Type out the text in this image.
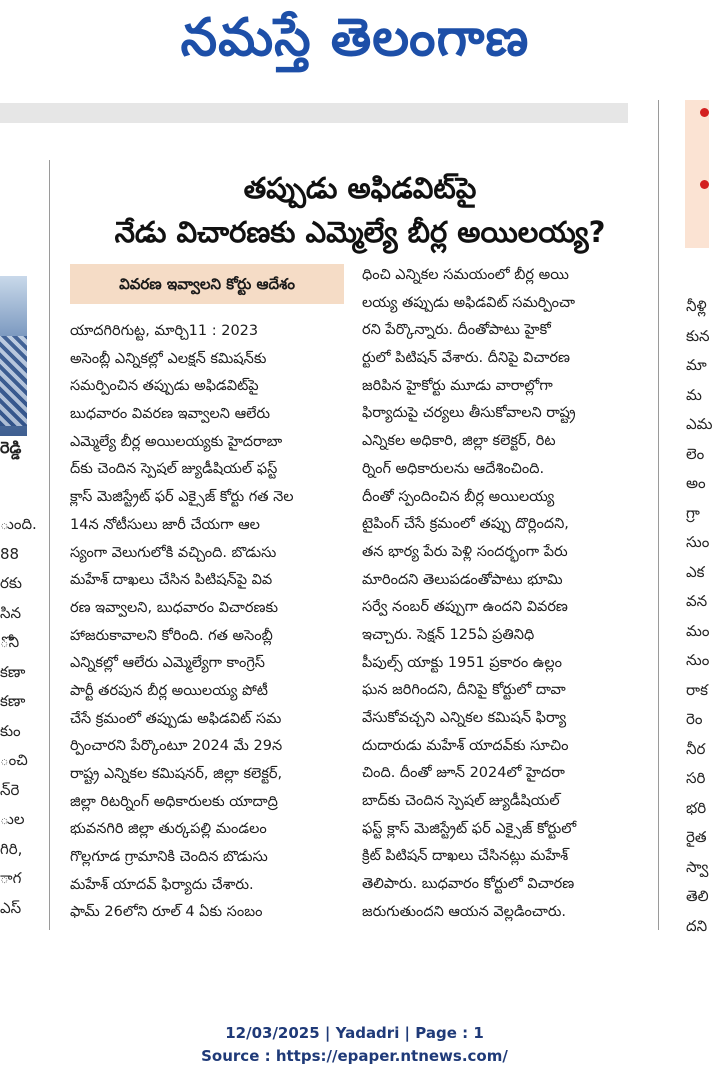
నమస్తే తెలంగాణ
రెడ్డి
ుంది.
88
రకు
సిన
ోని
కణా
కణా
కుం
ంచి
న్‌రె
ుల
గిరి,
ాగ
ఎస్
నీళ్లి
కున
మా
మ
ఎమ
లెం
అం
గ్రా
సుం
ఎక
వన
మం
నుం
రాక
రెం
నీర
సరి
భరి
రైత
స్వా
తెలి
దని
తప్పుడు అఫిడవిట్‌పై
నేడు విచారణకు ఎమ్మెల్యే బీర్ల అయిలయ్య?
వివరణ ఇవ్వాలని కోర్టు ఆదేశం
యాదగిరిగుట్ట, మార్చి11 : 2023
అసెంబ్లీ ఎన్నికల్లో ఎలక్షన్ కమిషన్‌కు
సమర్పించిన తప్పుడు అఫిడవిట్‌పై
బుధవారం వివరణ ఇవ్వాలని ఆలేరు
ఎమ్మెల్యే బీర్ల అయిలయ్యకు హైదరాబా
ద్‌కు చెందిన స్పెషల్ జ్యుడీషియల్ ఫస్ట్
క్లాస్ మెజిస్ట్రేట్ ఫర్ ఎక్సైజ్ కోర్టు గత నెల
14న నోటీసులు జారీ చేయగా ఆల
స్యంగా వెలుగులోకి వచ్చింది. బొడుసు
మహేశ్ దాఖలు చేసిన పిటిషన్‌పై వివ
రణ ఇవ్వాలని, బుధవారం విచారణకు
హాజరుకావాలని కోరింది. గత అసెంబ్లీ
ఎన్నికల్లో ఆలేరు ఎమ్మెల్యేగా కాంగ్రెస్
పార్టీ తరపున బీర్ల అయిలయ్య పోటీ
చేసే క్రమంలో తప్పుడు అఫిడవిట్ సమ
ర్పించారని పేర్కొంటూ 2024 మే 29న
రాష్ట్ర ఎన్నికల కమిషనర్, జిల్లా కలెక్టర్,
జిల్లా రిటర్నింగ్ అధికారులకు యాదాద్రి
భువనగిరి జిల్లా తుర్కపల్లి మండలం
గొల్లగూడ గ్రామానికి చెందిన బొడుసు
మహేశ్ యాదవ్ ఫిర్యాదు చేశారు.
ఫామ్ 26లోని రూల్ 4 ఏకు సంబం
ధించి ఎన్నికల సమయంలో బీర్ల అయి
లయ్య తప్పుడు అఫిడవిట్ సమర్పించా
రని పేర్కొన్నారు. దీంతోపాటు హైకో
ర్టులో పిటిషన్ వేశారు. దీనిపై విచారణ
జరిపిన హైకోర్టు మూడు వారాల్లోగా
ఫిర్యాదుపై చర్యలు తీసుకోవాలని రాష్ట్ర
ఎన్నికల అధికారి, జిల్లా కలెక్టర్, రిట
ర్నింగ్ అధికారులను ఆదేశించింది.
దీంతో స్పందించిన బీర్ల అయిలయ్య
టైపింగ్ చేసే క్రమంలో తప్పు దొర్లిందని,
తన భార్య పేరు పెళ్లి సందర్భంగా పేరు
మారిందని తెలుపడంతోపాటు భూమి
సర్వే నంబర్ తప్పుగా ఉందని వివరణ
ఇచ్చారు. సెక్షన్ 125ఏ ప్రతినిధి
పీపుల్స్ యాక్టు 1951 ప్రకారం ఉల్లం
ఘన జరిగిందని, దీనిపై కోర్టులో దావా
వేసుకోవచ్చని ఎన్నికల కమిషన్ ఫిర్యా
దుదారుడు మహేశ్ యాదవ్‌కు సూచిం
చింది. దీంతో జూన్ 2024లో హైదరా
బాద్‌కు చెందిన స్పెషల్ జ్యుడీషియల్
ఫస్ట్ క్లాస్ మెజిస్ట్రేట్ ఫర్ ఎక్సైజ్ కోర్టులో
క్రిట్ పిటిషన్ దాఖలు చేసినట్లు మహేశ్
తెలిపారు. బుధవారం కోర్టులో విచారణ
జరుగుతుందని ఆయన వెల్లడించారు.
12/03/2025 | Yadadri | Page : 1
Source : https://epaper.ntnews.com/
